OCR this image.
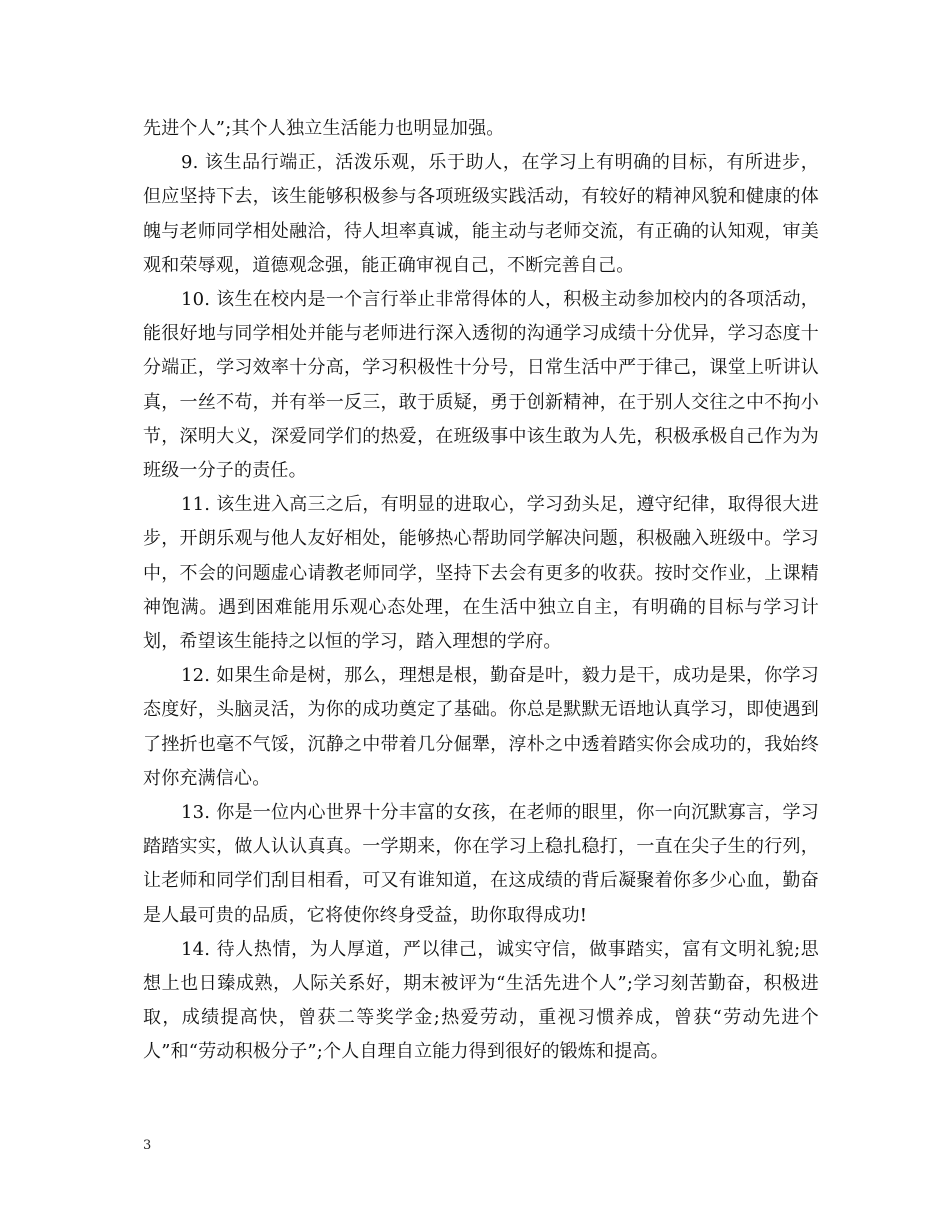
先进个人”;其个人独立生活能力也明显加强。

9. 该生品行端正，活泼乐观，乐于助人，在学习上有明确的目标，有所进步，但应坚持下去，该生能够积极参与各项班级实践活动，有较好的精神风貌和健康的体魄与老师同学相处融洽，待人坦率真诚，能主动与老师交流，有正确的认知观，审美观和荣辱观，道德观念强，能正确审视自己，不断完善自己。

10. 该生在校内是一个言行举止非常得体的人，积极主动参加校内的各项活动，能很好地与同学相处并能与老师进行深入透彻的沟通学习成绩十分优异，学习态度十分端正，学习效率十分高，学习积极性十分号，日常生活中严于律己，课堂上听讲认真，一丝不苟，并有举一反三，敢于质疑，勇于创新精神，在于别人交往之中不拘小节，深明大义，深爱同学们的热爱，在班级事中该生敢为人先，积极承极自己作为为班级一分子的责任。

11. 该生进入高三之后，有明显的进取心，学习劲头足，遵守纪律，取得很大进步，开朗乐观与他人友好相处，能够热心帮助同学解决问题，积极融入班级中。学习中，不会的问题虚心请教老师同学，坚持下去会有更多的收获。按时交作业，上课精神饱满。遇到困难能用乐观心态处理，在生活中独立自主，有明确的目标与学习计划，希望该生能持之以恒的学习，踏入理想的学府。

12. 如果生命是树，那么，理想是根，勤奋是叶，毅力是干，成功是果，你学习态度好，头脑灵活，为你的成功奠定了基础。你总是默默无语地认真学习，即使遇到了挫折也毫不气馁，沉静之中带着几分倔犟，淳朴之中透着踏实你会成功的，我始终对你充满信心。

13. 你是一位内心世界十分丰富的女孩，在老师的眼里，你一向沉默寡言，学习踏踏实实，做人认认真真。一学期来，你在学习上稳扎稳打，一直在尖子生的行列，让老师和同学们刮目相看，可又有谁知道，在这成绩的背后凝聚着你多少心血，勤奋是人最可贵的品质，它将使你终身受益，助你取得成功!

14. 待人热情，为人厚道，严以律己，诚实守信，做事踏实，富有文明礼貌;思想上也日臻成熟，人际关系好，期末被评为“生活先进个人”;学习刻苦勤奋，积极进取，成绩提高快，曾获二等奖学金;热爱劳动，重视习惯养成，曾获“劳动先进个人”和“劳动积极分子”;个人自理自立能力得到很好的锻炼和提高。

3
